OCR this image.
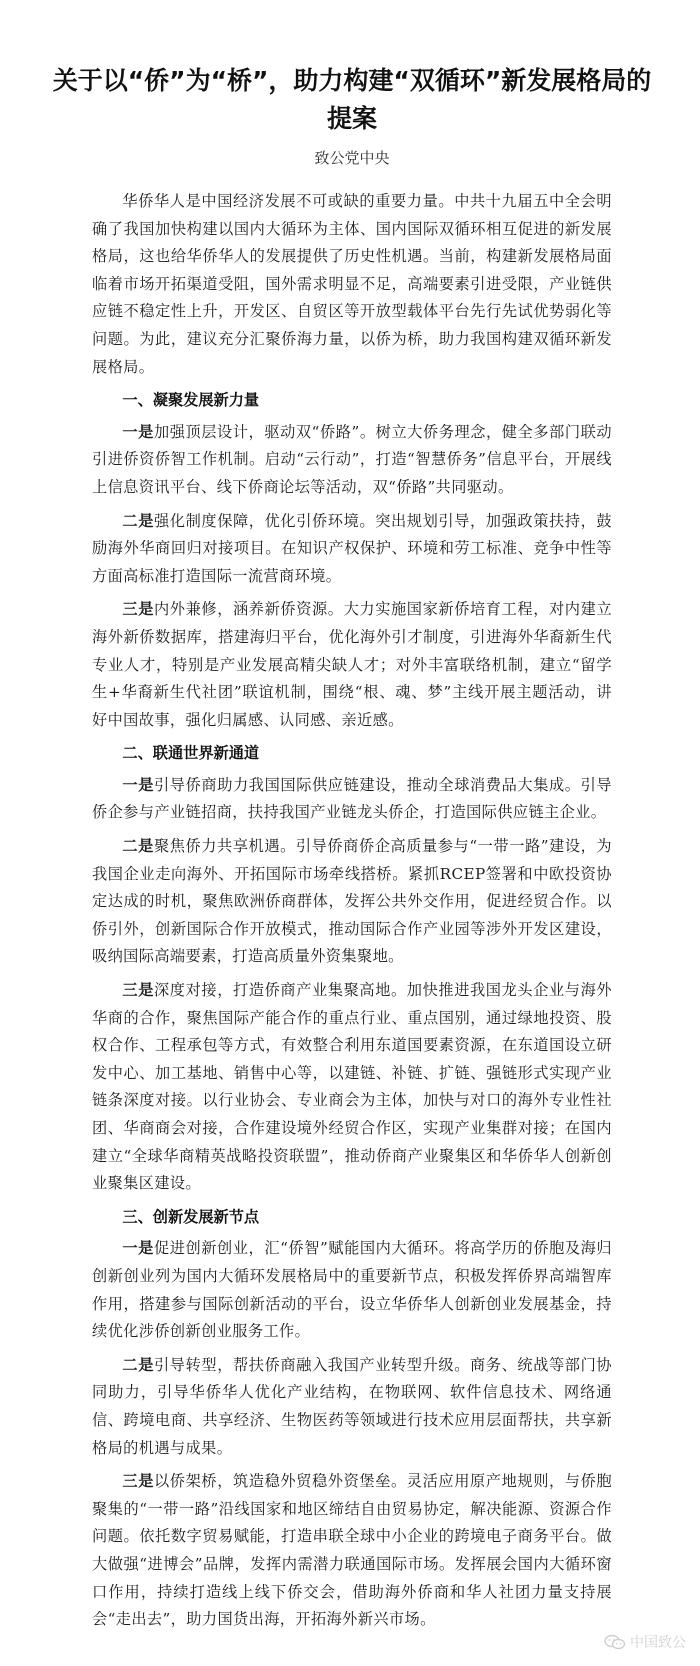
关于以“侨”为“桥”，助力构建“双循环”新发展格局的提案
致公党中央

华侨华人是中国经济发展不可或缺的重要力量。中共十九届五中全会明确了我国加快构建以国内大循环为主体、国内国际双循环相互促进的新发展格局，这也给华侨华人的发展提供了历史性机遇。当前，构建新发展格局面临着市场开拓渠道受阻，国外需求明显不足，高端要素引进受限，产业链供应链不稳定性上升，开发区、自贸区等开放型载体平台先行先试优势弱化等问题。为此，建议充分汇聚侨海力量，以侨为桥，助力我国构建双循环新发展格局。

一、凝聚发展新力量

一是加强顶层设计，驱动双“侨路”。树立大侨务理念，健全多部门联动引进侨资侨智工作机制。启动“云行动”，打造“智慧侨务”信息平台，开展线上信息资讯平台、线下侨商论坛等活动，双“侨路”共同驱动。

二是强化制度保障，优化引侨环境。突出规划引导，加强政策扶持，鼓励海外华商回归对接项目。在知识产权保护、环境和劳工标准、竞争中性等方面高标准打造国际一流营商环境。

三是内外兼修，涵养新侨资源。大力实施国家新侨培育工程，对内建立海外新侨数据库，搭建海归平台，优化海外引才制度，引进海外华裔新生代专业人才，特别是产业发展高精尖缺人才；对外丰富联络机制，建立“留学生+华裔新生代社团”联谊机制，围绕“根、魂、梦”主线开展主题活动，讲好中国故事，强化归属感、认同感、亲近感。

二、联通世界新通道

一是引导侨商助力我国国际供应链建设，推动全球消费品大集成。引导侨企参与产业链招商，扶持我国产业链龙头侨企，打造国际供应链主企业。

二是聚焦侨力共享机遇。引导侨商侨企高质量参与“一带一路”建设，为我国企业走向海外、开拓国际市场牵线搭桥。紧抓RCEP签署和中欧投资协定达成的时机，聚焦欧洲侨商群体，发挥公共外交作用，促进经贸合作。以侨引外，创新国际合作开放模式，推动国际合作产业园等涉外开发区建设，吸纳国际高端要素，打造高质量外资集聚地。

三是深度对接，打造侨商产业集聚高地。加快推进我国龙头企业与海外华商的合作，聚焦国际产能合作的重点行业、重点国别，通过绿地投资、股权合作、工程承包等方式，有效整合利用东道国要素资源，在东道国设立研发中心、加工基地、销售中心等，以建链、补链、扩链、强链形式实现产业链条深度对接。以行业协会、专业商会为主体，加快与对口的海外专业性社团、华商商会对接，合作建设境外经贸合作区，实现产业集群对接；在国内建立“全球华商精英战略投资联盟”，推动侨商产业聚集区和华侨华人创新创业聚集区建设。

三、创新发展新节点

一是促进创新创业，汇“侨智”赋能国内大循环。将高学历的侨胞及海归创新创业列为国内大循环发展格局中的重要新节点，积极发挥侨界高端智库作用，搭建参与国际创新活动的平台，设立华侨华人创新创业发展基金，持续优化涉侨创新创业服务工作。

二是引导转型，帮扶侨商融入我国产业转型升级。商务、统战等部门协同助力，引导华侨华人优化产业结构，在物联网、软件信息技术、网络通信、跨境电商、共享经济、生物医药等领域进行技术应用层面帮扶，共享新格局的机遇与成果。

三是以侨架桥，筑造稳外贸稳外资堡垒。灵活应用原产地规则，与侨胞聚集的“一带一路”沿线国家和地区缔结自由贸易协定，解决能源、资源合作问题。依托数字贸易赋能，打造串联全球中小企业的跨境电子商务平台。做大做强“进博会”品牌，发挥内需潜力联通国际市场。发挥展会国内大循环窗口作用，持续打造线上线下侨交会，借助海外侨商和华人社团力量支持展会“走出去”，助力国货出海，开拓海外新兴市场。

中国致公
